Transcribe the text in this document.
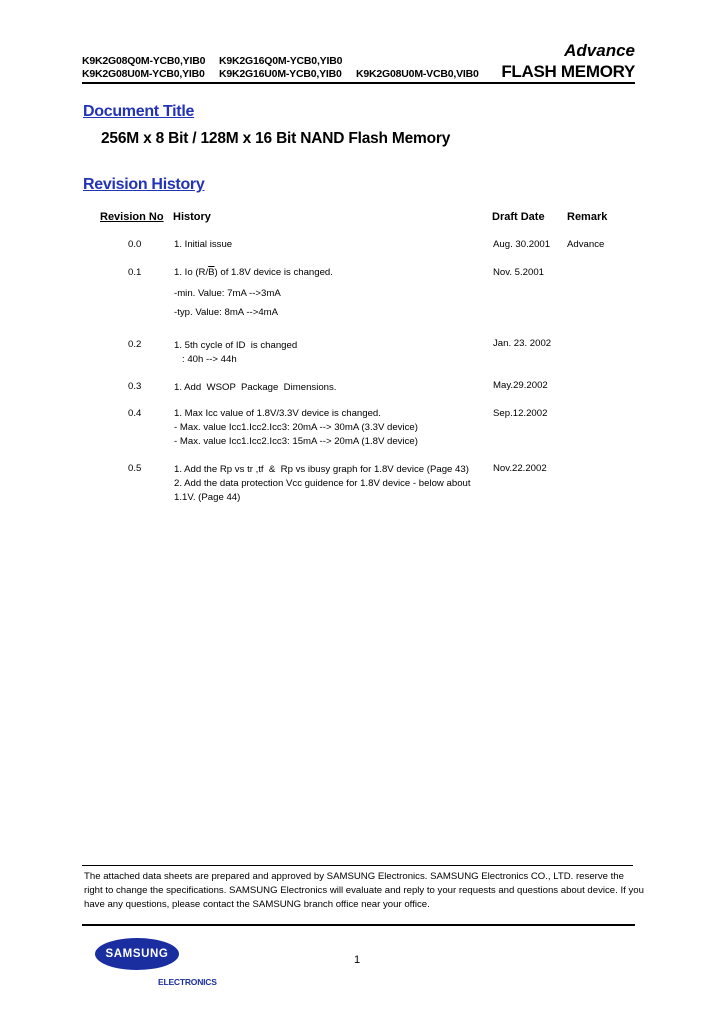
K9K2G08Q0M-YCB0,YIB0 K9K2G16Q0M-YCB0,YIB0
K9K2G08U0M-YCB0,YIB0 K9K2G16U0M-YCB0,YIB0 K9K2G08U0M-VCB0,VIB0
Advance
FLASH MEMORY
Document Title
256M x 8 Bit / 128M x 16 Bit NAND Flash Memory
Revision History
Revision No History	Draft Date Remark
0.0	1. Initial issue	Aug. 30.2001 Advance
0.1	1. Io $(R/\overline{B})$ of 1.8V device is changed.
-min. Value: 7mA -->3mA
-typ. Value: 8mA -->4mA
Nov. 5.2001
0.2	1. 5th cycle of ID  is changed
: 40h --> 44h
Jan. 23. 2002
0.3	1. Add  WSOP  Package  Dimensions.	May.29.2002
0.4	1. Max Icc value of 1.8V/3.3V device is changed.
- Max. value Icc1.Icc2.Icc3: 20mA --> 30mA (3.3V device)
- Max. value Icc1.Icc2.Icc3: 15mA --> 20mA (1.8V device)
Sep.12.2002
0.5	1. Add the Rp vs tr ,tf  &  Rp vs ibusy graph for 1.8V device (Page 43)
2. Add the data protection Vcc guidence for 1.8V device - below about
1.1V. (Page 44)
Nov.22.2002
The attached data sheets are prepared and approved by SAMSUNG Electronics. SAMSUNG Electronics CO., LTD. reserve the
right to change the specifications. SAMSUNG Electronics will evaluate and reply to your requests and questions about device. If you
have any questions, please contact the SAMSUNG branch office near your office.
SAMSUNG
ELECTRONICS
1
